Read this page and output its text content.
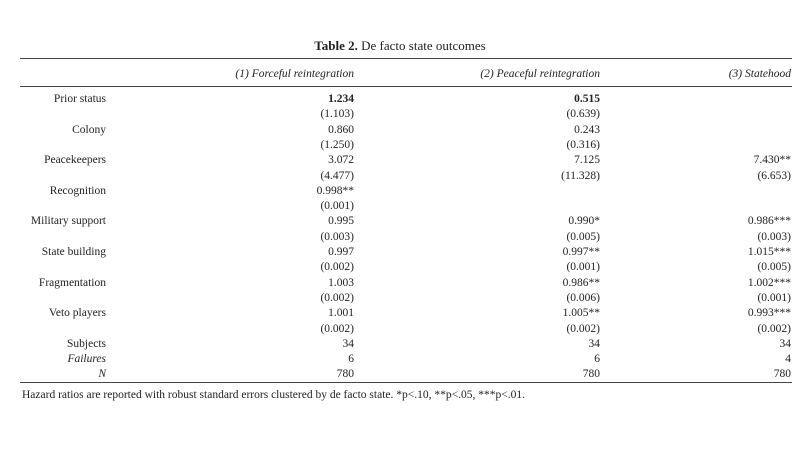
Table 2. De facto state outcomes
(1) Forceful reintegration	(2) Peaceful reintegration	(3) Statehood
Prior status	1.234	0.515
(1.103)	(0.639)
Colony	0.860	0.243
(1.250)	(0.316)
Peacekeepers	3.072	7.125	7.430**
(4.477)	(11.328)	(6.653)
Recognition	0.998**
(0.001)
Military support	0.995	0.990*	0.986***
(0.003)	(0.005)	(0.003)
State building	0.997	0.997**	1.015***
(0.002)	(0.001)	(0.005)
Fragmentation	1.003	0.986**	1.002***
(0.002)	(0.006)	(0.001)
Veto players	1.001	1.005**	0.993***
(0.002)	(0.002)	(0.002)
Subjects	34	34	34
Failures	6	6	4
N	780	780	780
Hazard ratios are reported with robust standard errors clustered by de facto state. *p<.10, **p<.05, ***p<.01.
